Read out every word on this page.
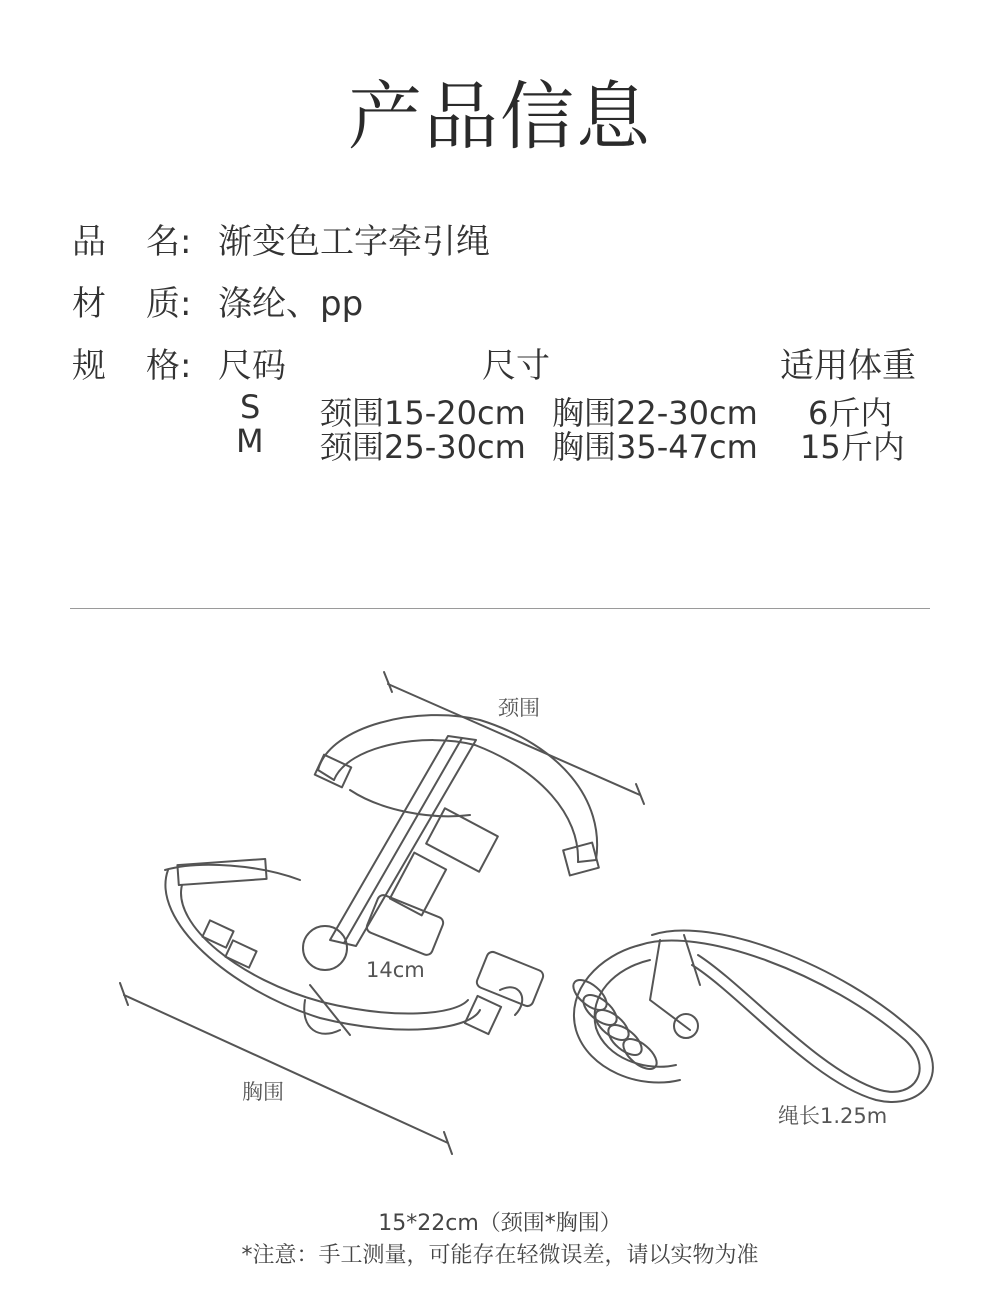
产品信息
品 名: 渐变色工字牵引绳
材 质: 涤纶、pp
规 格: 尺码	尺寸	适用体重
S 颈围15-20cm 胸围22-30cm 6斤内
M 颈围25-30cm 胸围35-47cm 15斤内
颈围
胸围
14cm
绳长1.25m
15*22cm（颈围*胸围）
*注意：手工测量，可能存在轻微误差，请以实物为准
